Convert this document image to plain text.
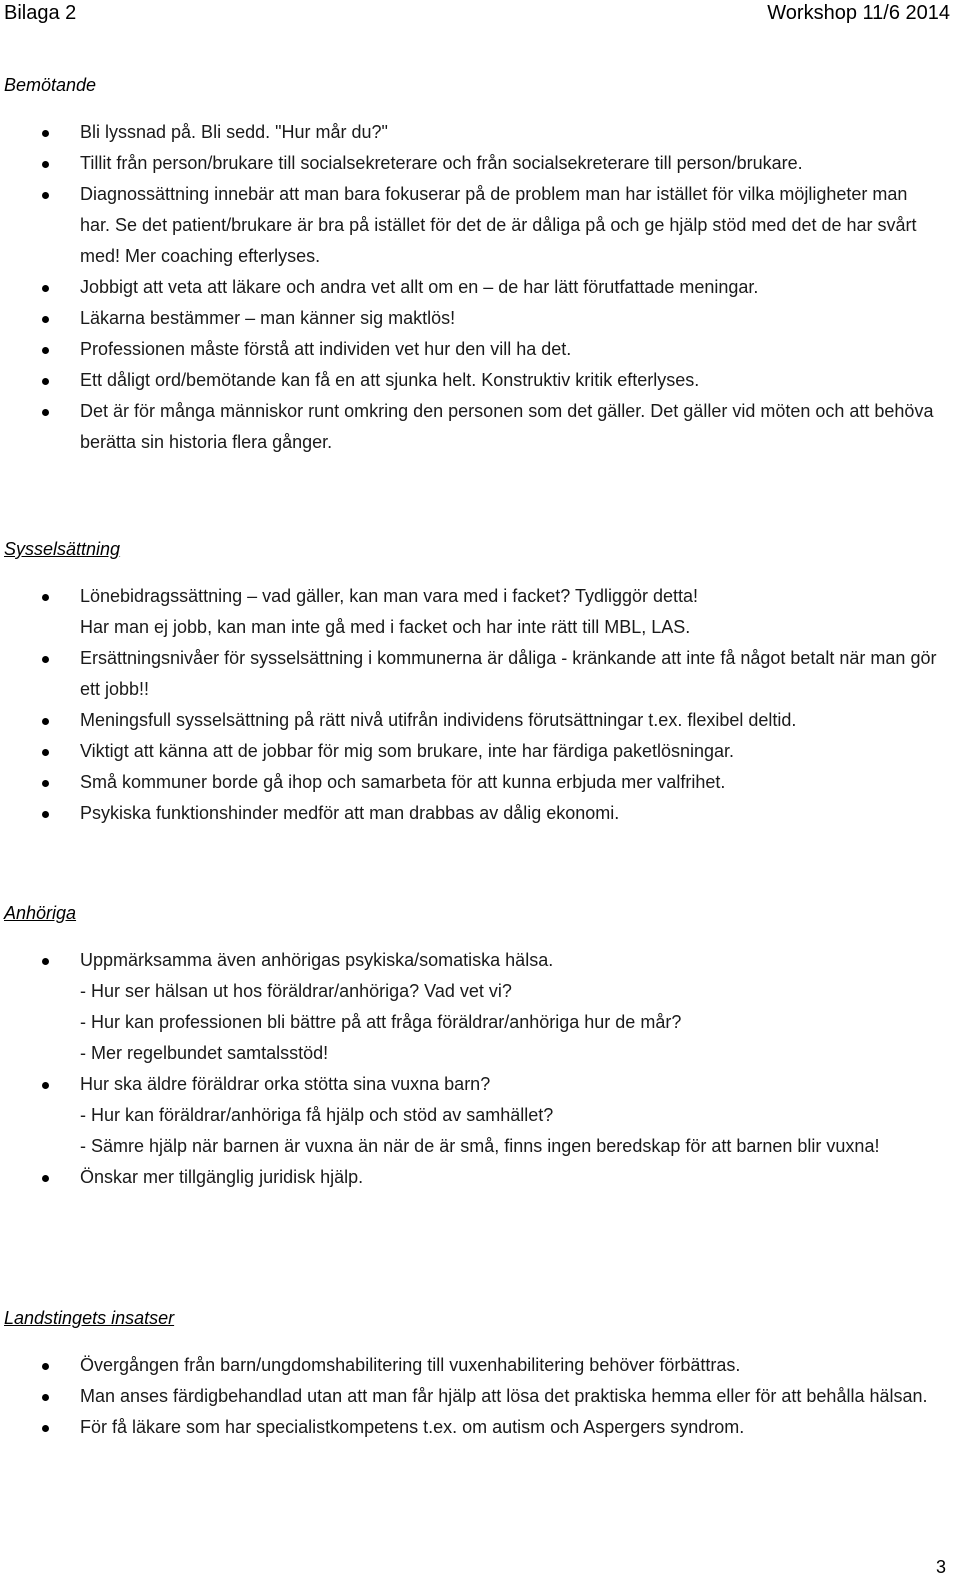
Bilaga 2	Workshop 11/6 2014
Bemötande
Bli lyssnad på. Bli sedd. "Hur mår du?"
Tillit från person/brukare till socialsekreterare och från socialsekreterare till person/brukare.
Diagnossättning innebär att man bara fokuserar på de problem man har istället för vilka möjligheter man har. Se det patient/brukare är bra på istället för det de är dåliga på och ge hjälp stöd med det de har svårt med! Mer coaching efterlyses.
Jobbigt att veta att läkare och andra vet allt om en – de har lätt förutfattade meningar.
Läkarna bestämmer – man känner sig maktlös!
Professionen måste förstå att individen vet hur den vill ha det.
Ett dåligt ord/bemötande kan få en att sjunka helt. Konstruktiv kritik efterlyses.
Det är för många människor runt omkring den personen som det gäller. Det gäller vid möten och att behöva berätta sin historia flera gånger.
Sysselsättning
Lönebidragssättning – vad gäller, kan man vara med i facket? Tydliggör detta!
Har man ej jobb, kan man inte gå med i facket och har inte rätt till MBL, LAS.
Ersättningsnivåer för sysselsättning i kommunerna är dåliga - kränkande att inte få något betalt när man gör ett jobb!!
Meningsfull sysselsättning på rätt nivå utifrån individens förutsättningar t.ex. flexibel deltid.
Viktigt att känna att de jobbar för mig som brukare, inte har färdiga paketlösningar.
Små kommuner borde gå ihop och samarbeta för att kunna erbjuda mer valfrihet.
Psykiska funktionshinder medför att man drabbas av dålig ekonomi.
Anhöriga
Uppmärksamma även anhörigas psykiska/somatiska hälsa.
- Hur ser hälsan ut hos föräldrar/anhöriga? Vad vet vi?
- Hur kan professionen bli bättre på att fråga föräldrar/anhöriga hur de mår?
- Mer regelbundet samtalsstöd!
Hur ska äldre föräldrar orka stötta sina vuxna barn?
- Hur kan föräldrar/anhöriga få hjälp och stöd av samhället?
- Sämre hjälp när barnen är vuxna än när de är små, finns ingen beredskap för att barnen blir vuxna!
Önskar mer tillgänglig juridisk hjälp.
Landstingets insatser
Övergången från barn/ungdomshabilitering till vuxenhabilitering behöver förbättras.
Man anses färdigbehandlad utan att man får hjälp att lösa det praktiska hemma eller för att behålla hälsan.
För få läkare som har specialistkompetens t.ex. om autism och Aspergers syndrom.
3
